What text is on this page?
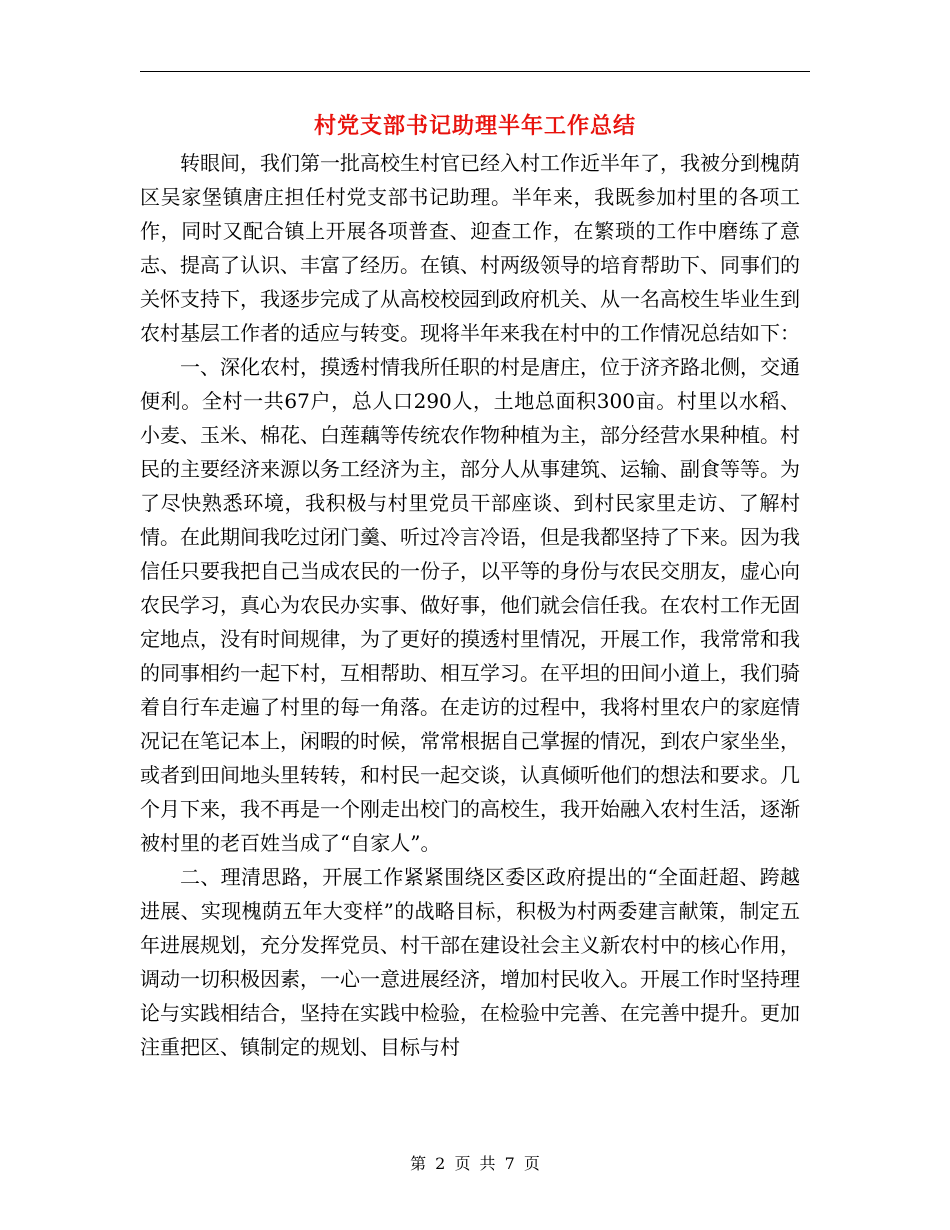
村党支部书记助理半年工作总结

转眼间，我们第一批高校生村官已经入村工作近半年了，我被分到槐荫区吴家堡镇唐庄担任村党支部书记助理。半年来，我既参加村里的各项工作，同时又配合镇上开展各项普查、迎查工作，在繁琐的工作中磨练了意志、提高了认识、丰富了经历。在镇、村两级领导的培育帮助下、同事们的关怀支持下，我逐步完成了从高校校园到政府机关、从一名高校生毕业生到农村基层工作者的适应与转变。现将半年来我在村中的工作情况总结如下：

一、深化农村，摸透村情我所任职的村是唐庄，位于济齐路北侧，交通便利。全村一共67户，总人口290人，土地总面积300亩。村里以水稻、小麦、玉米、棉花、白莲藕等传统农作物种植为主，部分经营水果种植。村民的主要经济来源以务工经济为主，部分人从事建筑、运输、副食等等。为了尽快熟悉环境，我积极与村里党员干部座谈、到村民家里走访、了解村情。在此期间我吃过闭门羹、听过冷言冷语，但是我都坚持了下来。因为我信任只要我把自己当成农民的一份子，以平等的身份与农民交朋友，虚心向农民学习，真心为农民办实事、做好事，他们就会信任我。在农村工作无固定地点，没有时间规律，为了更好的摸透村里情况，开展工作，我常常和我的同事相约一起下村，互相帮助、相互学习。在平坦的田间小道上，我们骑着自行车走遍了村里的每一角落。在走访的过程中，我将村里农户的家庭情况记在笔记本上，闲暇的时候，常常根据自己掌握的情况，到农户家坐坐，或者到田间地头里转转，和村民一起交谈，认真倾听他们的想法和要求。几个月下来，我不再是一个刚走出校门的高校生，我开始融入农村生活，逐渐被村里的老百姓当成了“自家人”。

二、理清思路，开展工作紧紧围绕区委区政府提出的“全面赶超、跨越进展、实现槐荫五年大变样”的战略目标，积极为村两委建言献策，制定五年进展规划，充分发挥党员、村干部在建设社会主义新农村中的核心作用，调动一切积极因素，一心一意进展经济，增加村民收入。开展工作时坚持理论与实践相结合，坚持在实践中检验，在检验中完善、在完善中提升。更加注重把区、镇制定的规划、目标与村

第 2 页 共 7 页
